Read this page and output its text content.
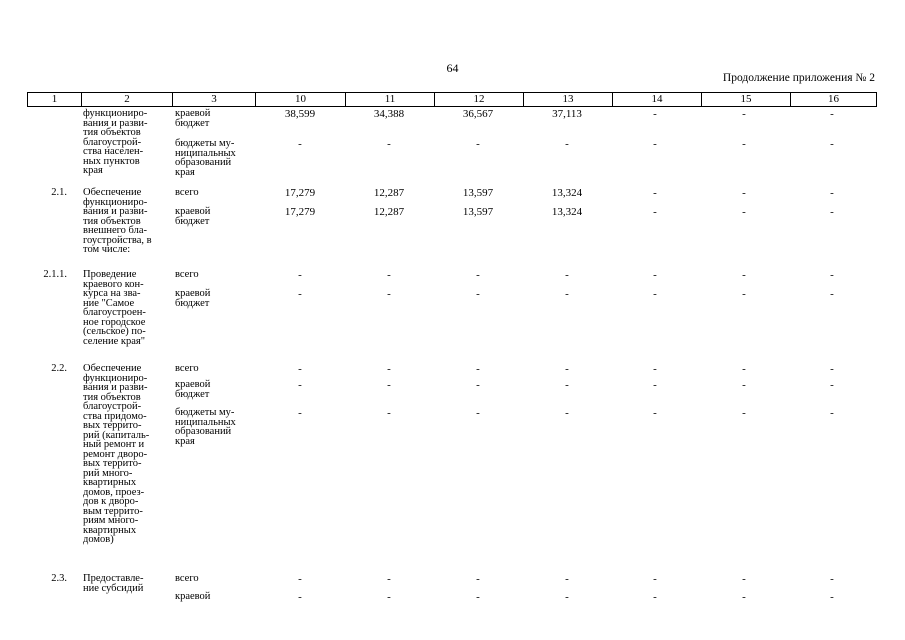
64
Продолжение приложения № 2
1	2	3	10	11	12	13	14	15	16
функциониро-
вания и разви-
тия объектов
благоустрой-
ства населен-
ных пунктов
края
краевой
бюджет
38,599	34,388	36,567	37,113	-	-	-
бюджеты му-
ниципальных
образований
края
-	-	-	-	-	-	-
2.1. Обеспечение
функциониро-
вания и разви-
тия объектов
внешнего бла-
гоустройства, в
том числе:
всего	17,279	12,287	13,597	13,324	-	-	-
краевой
бюджет
17,279	12,287	13,597	13,324	-	-	-
2.1.1. Проведение
краевого кон-
курса на зва-
ние "Самое
благоустроен-
ное городское
(сельское) по-
селение края"
всего	-	-	-	-	-	-	-
краевой
бюджет
-	-	-	-	-	-	-
2.2. Обеспечение
функциониро-
вания и разви-
тия объектов
благоустрой-
ства придомо-
вых террито-
рий (капиталь-
ный ремонт и
ремонт дворо-
вых террито-
рий много-
квартирных
домов, проез-
дов к дворо-
вым террито-
риям много-
квартирных
домов)
всего	-	-	-	-	-	-	-
краевой
бюджет
-	-	-	-	-	-	-
бюджеты му-
ниципальных
образований
края
-	-	-	-	-	-	-
2.3. Предоставле-
ние субсидий
всего	-	-	-	-	-	-	-
краевой	-	-	-	-	-	-	-
